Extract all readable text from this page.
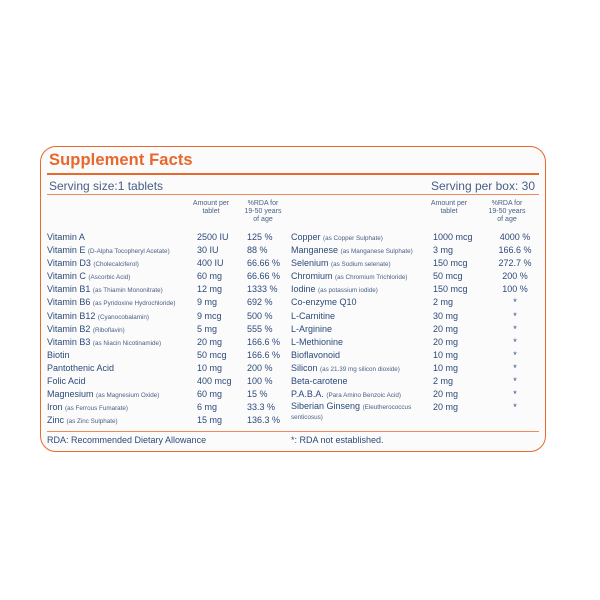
Supplement Facts
Serving size:1 tablets	Serving per box: 30
Amount per tablet
%RDA for 19-50 years of age
Amount per tablet
%RDA for 19-50 years of age
Vitamin A	2500 IU 125 %
Vitamin E (D-Alpha Tocopheryl Acetate)	30 IU	88 %
Vitamin D3 (Cholecalciferol)	400 IU	66.66 %
Vitamin C (Ascorbic Acid)	60 mg	66.66 %
Vitamin B1 (as Thiamin Mononitrate)	12 mg	1333 %
Vitamin B6 (as Pyridoxine Hydrochloride) 9 mg	692 %
Vitamin B12 (Cyanocobalamin)	9 mcg	500 %
Vitamin B2 (Riboflavin)	5 mg	555 %
Vitamin B3 (as Niacin Nicotinamide)	20 mg	166.6 %
Biotin	50 mcg 166.6 %
Pantothenic Acid	10 mg	200 %
Folic Acid	400 mcg 100 %
Magnesium (as Magnesium Oxide)	60 mg	15 %
Iron (as Ferrous Fumarate)	6 mg	33.3 %
Zinc (as Zinc Sulphate)	15 mg	136.3 %
Copper (as Copper Sulphate)	1000 mcg	4000 %
Manganese (as Manganese Sulphate) 3 mg	166.6 %
Selenium (as Sodium selenate)	150 mcg	272.7 %
Chromium (as Chromium Trichloride)	50 mcg	200 %
Iodine (as potassium iodide)	150 mcg	100 %
Co-enzyme Q10	2 mg	*
L-Carnitine	30 mg	*
L-Arginine	20 mg	*
L-Methionine	20 mg	*
Bioflavonoid	10 mg	*
Silicon (as 21.39 mg silicon dioxide)	10 mg	*
Beta-carotene	2 mg	*
P.A.B.A. (Para Amino Benzoic Acid)	20 mg	*
Siberian Ginseng (Eleutherococcus senticosus)
20 mg	*
RDA: Recommended Dietary Allowance	*: RDA not established.
